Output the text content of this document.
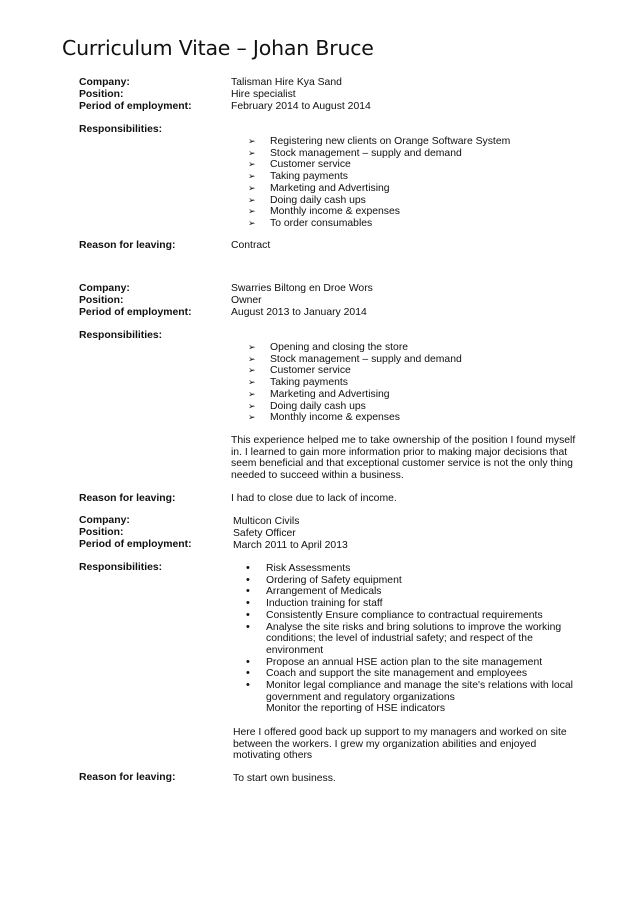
Curriculum Vitae – Johan Bruce
Company:
Position:
Period of employment:
Talisman Hire Kya Sand
Hire specialist
February 2014 to August 2014
Responsibilities:
➢ Registering new clients on Orange Software System
➢ Stock management – supply and demand
➢ Customer service
➢ Taking payments
➢ Marketing and Advertising
➢ Doing daily cash ups
➢ Monthly income & expenses
➢ To order consumables
Reason for leaving:	Contract
Company:
Position:
Period of employment:
Swarries Biltong en Droe Wors
Owner
August 2013 to January 2014
Responsibilities:
➢ Opening and closing the store
➢ Stock management – supply and demand
➢ Customer service
➢ Taking payments
➢ Marketing and Advertising
➢ Doing daily cash ups
➢ Monthly income & expenses
This experience helped me to take ownership of the position I found myself
in. I learned to gain more information prior to making major decisions that
seem beneficial and that exceptional customer service is not the only thing
needed to succeed within a business.
Reason for leaving:	I had to close due to lack of income.
Company:
Position:
Period of employment:
Multicon Civils
Safety Officer
March 2011 to April 2013
Responsibilities:
•	Risk Assessments
• Ordering of Safety equipment
• Arrangement of Medicals
• Induction training for staff
• Consistently Ensure compliance to contractual requirements
• Analyse the site risks and bring solutions to improve the working
conditions; the level of industrial safety; and respect of the
environment
• Propose an annual HSE action plan to the site management
• Coach and support the site management and employees
• Monitor legal compliance and manage the site's relations with local
government and regulatory organizations
Monitor the reporting of HSE indicators
Here I offered good back up support to my managers and worked on site
between the workers. I grew my organization abilities and enjoyed
motivating others
Reason for leaving:	To start own business.
